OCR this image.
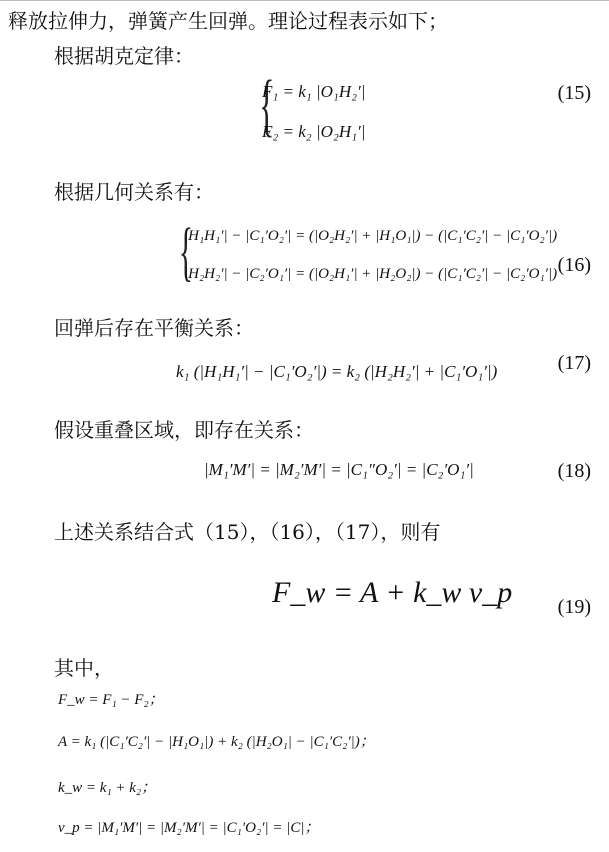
释放拉伸力，弹簧产生回弹。理论过程表示如下；
根据胡克定律：
{
F₁ = k₁ |O₁H₂′|
F₂ = k₂ |O₂H₁′|
(15)
根据几何关系有：
{
|H₁H₁′| − |C₁′O₂′| = (|O₂H₂′| + |H₁O₁|) − (|C₁′C₂′| − |C₁′O₂′|)
|H₂H₂′| − |C₂′O₁′| = (|O₂H₁′| + |H₂O₂|) − (|C₁′C₂′| − |C₂′O₁′|) (16)
回弹后存在平衡关系：
k₁ (|H₁H₁′| − |C₁′O₂′|) = k₂ (|H₂H₂′| + |C₁′O₁′|)	(17)
假设重叠区域，即存在关系：
|M₁′M′| = |M₂′M′| = |C₁″O₂′| = |C₂′O₁′|	(18)
上述关系结合式（15），（16），（17），则有
F_w = A + k_w v_p (19)
其中，
F_w = F₁ − F₂；
A = k₁ (|C₁′C₂′| − |H₁O₁|) + k₂ (|H₂O₁| − |C₁′C₂′|)；
k_w = k₁ + k₂；
v_p = |M₁′M′| = |M₂′M′| = |C₁′O₂′| = |C|；
